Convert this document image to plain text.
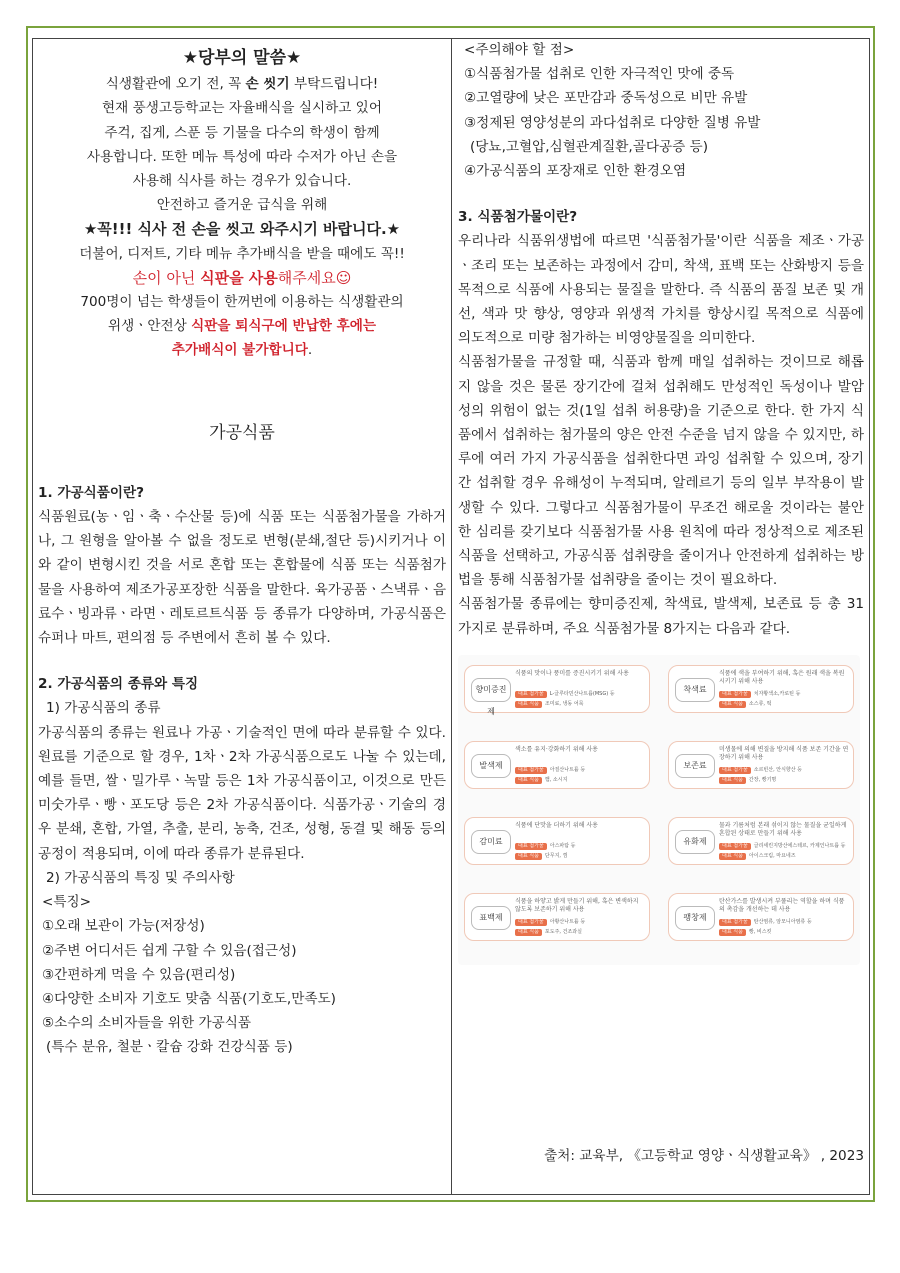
★당부의 말씀★

식생활관에 오기 전, 꼭 손 씻기 부탁드립니다!

현재 풍생고등학교는 자율배식을 실시하고 있어

주걱, 집게, 스푼 등 기물을 다수의 학생이 함께

사용합니다. 또한 메뉴 특성에 따라 수저가 아닌 손을

사용해 식사를 하는 경우가 있습니다.

안전하고 즐거운 급식을 위해

★꼭!!! 식사 전 손을 씻고 와주시기 바랍니다.★

더불어, 디저트, 기타 메뉴 추가배식을 받을 때에도 꼭!!

손이 아닌 식판을 사용해주세요☺

700명이 넘는 학생들이 한꺼번에 이용하는 식생활관의

위생ㆍ안전상 식판을 퇴식구에 반납한 후에는

추가배식이 불가합니다.

가공식품
1. 가공식품이란?

식품원료(농ㆍ임ㆍ축ㆍ수산물 등)에 식품 또는 식품첨가물을 가하거나, 그 원형을 알아볼 수 없을 정도로 변형(분쇄,절단 등)시키거나 이와 같이 변형시킨 것을 서로 혼합 또는 혼합물에 식품 또는 식품첨가물을 사용하여 제조가공포장한 식품을 말한다. 육가공품ㆍ스낵류ㆍ음료수ㆍ빙과류ㆍ라면ㆍ레토르트식품 등 종류가 다양하며, 가공식품은 슈퍼나 마트, 편의점 등 주변에서 흔히 볼 수 있다.

2. 가공식품의 종류와 특징

1) 가공식품의 종류

가공식품의 종류는 원료나 가공ㆍ기술적인 면에 따라 분류할 수 있다. 원료를 기준으로 할 경우, 1차ㆍ2차 가공식품으로도 나눌 수 있는데, 예를 들면, 쌀ㆍ밀가루ㆍ녹말 등은 1차 가공식품이고, 이것으로 만든 미숫가루ㆍ빵ㆍ포도당 등은 2차 가공식품이다. 식품가공ㆍ기술의 경우 분쇄, 혼합, 가열, 추출, 분리, 농축, 건조, 성형, 동결 및 해동 등의 공정이 적용되며, 이에 따라 종류가 분류된다.

2) 가공식품의 특징 및 주의사항

<특징>

①오래 보관이 가능(저장성)

②주변 어디서든 쉽게 구할 수 있음(접근성)

③간편하게 먹을 수 있음(편리성)

④다양한 소비자 기호도 맞춤 식품(기호도,만족도)

⑤소수의 소비자들을 위한 가공식품

(특수 분유, 철분ㆍ칼슘 강화 건강식품 등)

<주의해야 할 점>

①식품첨가물 섭취로 인한 자극적인 맛에 중독

②고열량에 낮은 포만감과 중독성으로 비만 유발

③정제된 영양성분의 과다섭취로 다양한 질병 유발

(당뇨,고혈압,심혈관계질환,골다공증 등)

④가공식품의 포장재로 인한 환경오염

3. 식품첨가물이란?

우리나라 식품위생법에 따르면 '식품첨가물'이란 식품을 제조ㆍ가공ㆍ조리 또는 보존하는 과정에서 감미, 착색, 표백 또는 산화방지 등을 목적으로 식품에 사용되는 물질을 말한다. 즉 식품의 품질 보존 및 개선, 색과 맛 향상, 영양과 위생적 가치를 향상시킬 목적으로 식품에 의도적으로 미량 첨가하는 비영양물질을 의미한다.

식품첨가물을 규정할 때, 식품과 함께 매일 섭취하는 것이므로 해롭지 않을 것은 물론 장기간에 걸쳐 섭취해도 만성적인 독성이나 발암성의 위험이 없는 것(1일 섭취 허용량)을 기준으로 한다. 한 가지 식품에서 섭취하는 첨가물의 양은 안전 수준을 넘지 않을 수 있지만, 하루에 여러 가지 가공식품을 섭취한다면 과잉 섭취할 수 있으며, 장기간 섭취할 경우 유해성이 누적되며, 알레르기 등의 일부 부작용이 발생할 수 있다. 그렇다고 식품첨가물이 무조건 해로울 것이라는 불안한 심리를 갖기보다 식품첨가물 사용 원칙에 따라 정상적으로 제조된 식품을 선택하고, 가공식품 섭취량을 줄이거나 안전하게 섭취하는 방법을 통해 식품첨가물 섭취량을 줄이는 것이 필요하다.

식품첨가물 종류에는 향미증진제, 착색료, 발색제, 보존료 등 총 31가지로 분류하며, 주요 식품첨가물 8가지는 다음과 같다.

향미증진제
식품의 맛이나 풍미를 증진시키기 위해 사용
대표 첨가물 L-글루타민산나트륨(MSG) 등
대표 식품 조미료, 냉동 어묵
착색료
식품에 색을 부여하기 위해, 혹은 원래 색을 복원시키기 위해 사용
대표 첨가물 치자황색소,카로틴 등
대표 식품 소스류, 떡
발색제
색소를 유지·강화하기 위해 사용
대표 첨가물 아질산나트륨 등
대표 식품 햄, 소시지
보존료
미생물에 의해 변질을 방지해 식품 보존 기간을 연장하기 위해 사용
대표 첨가물 소르빈산, 안식향산 등
대표 식품 간장, 빵기명
감미료
식품에 단맛을 더하기 위해 사용
대표 첨가물 아스파탐 등
대표 식품 단무지, 껌
유화제
물과 기름처럼 본래 섞이지 않는 물질을 균일하게 혼합된 상태로 만들기 위해 사용
대표 첨가물 글리세린지방산에스테르, 카제인나트륨 등
대표 식품 아이스크림, 마요네즈
표백제
식품을 하얗고 밝게 만들기 위해, 혹은 변색하지 않도록 보존하기 위해 사용
대표 첨가물 아황산나트륨 등
대표 식품 포도주, 건조과실
팽창제
탄산가스를 발생시켜 부풀리는 역할을 하며 식품의 촉감을 개선하는 데 사용
대표 첨가물 탄산염류, 암모니아염류 등
대표 식품 빵, 비스킷
출처: 교육부, 《고등학교 영양ㆍ식생활교육》 , 2023
